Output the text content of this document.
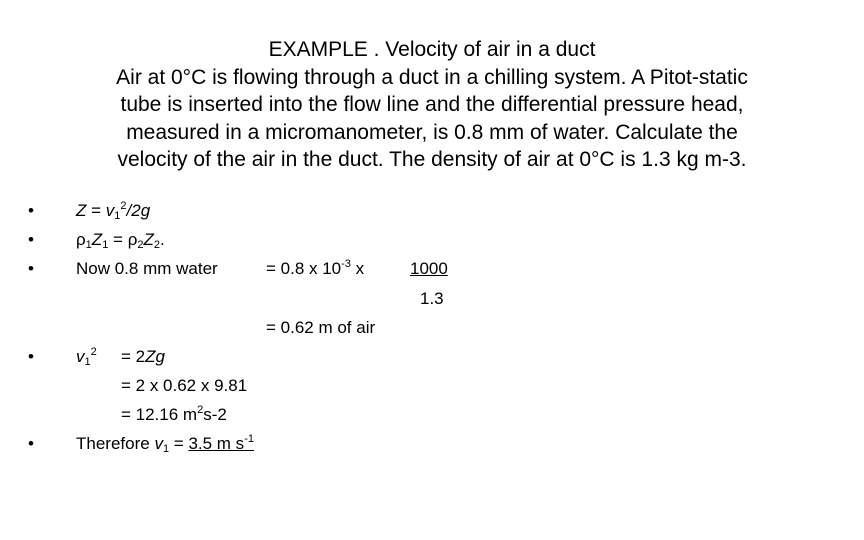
EXAMPLE . Velocity of air in a duct
Air at 0°C is flowing through a duct in a chilling system. A Pitot-static
tube is inserted into the flow line and the differential pressure head,
measured in a micromanometer, is 0.8 mm of water. Calculate the
velocity of the air in the duct. The density of air at 0°C is 1.3 kg m-3.
• $Z = v_1^2/2g$
• $\rho_1Z_1 = \rho_2Z_2$.
• Now 0.8 mm water	= 0.8 x $10^{-3}$ x	1000
1.3
= 0.62 m of air
• $v_1^2 = 2Zg$
= 2 x 0.62 x 9.81
= 12.16 $m^2s-2$
• Therefore $v_1 = 3.5$ m $s^{-1}$
